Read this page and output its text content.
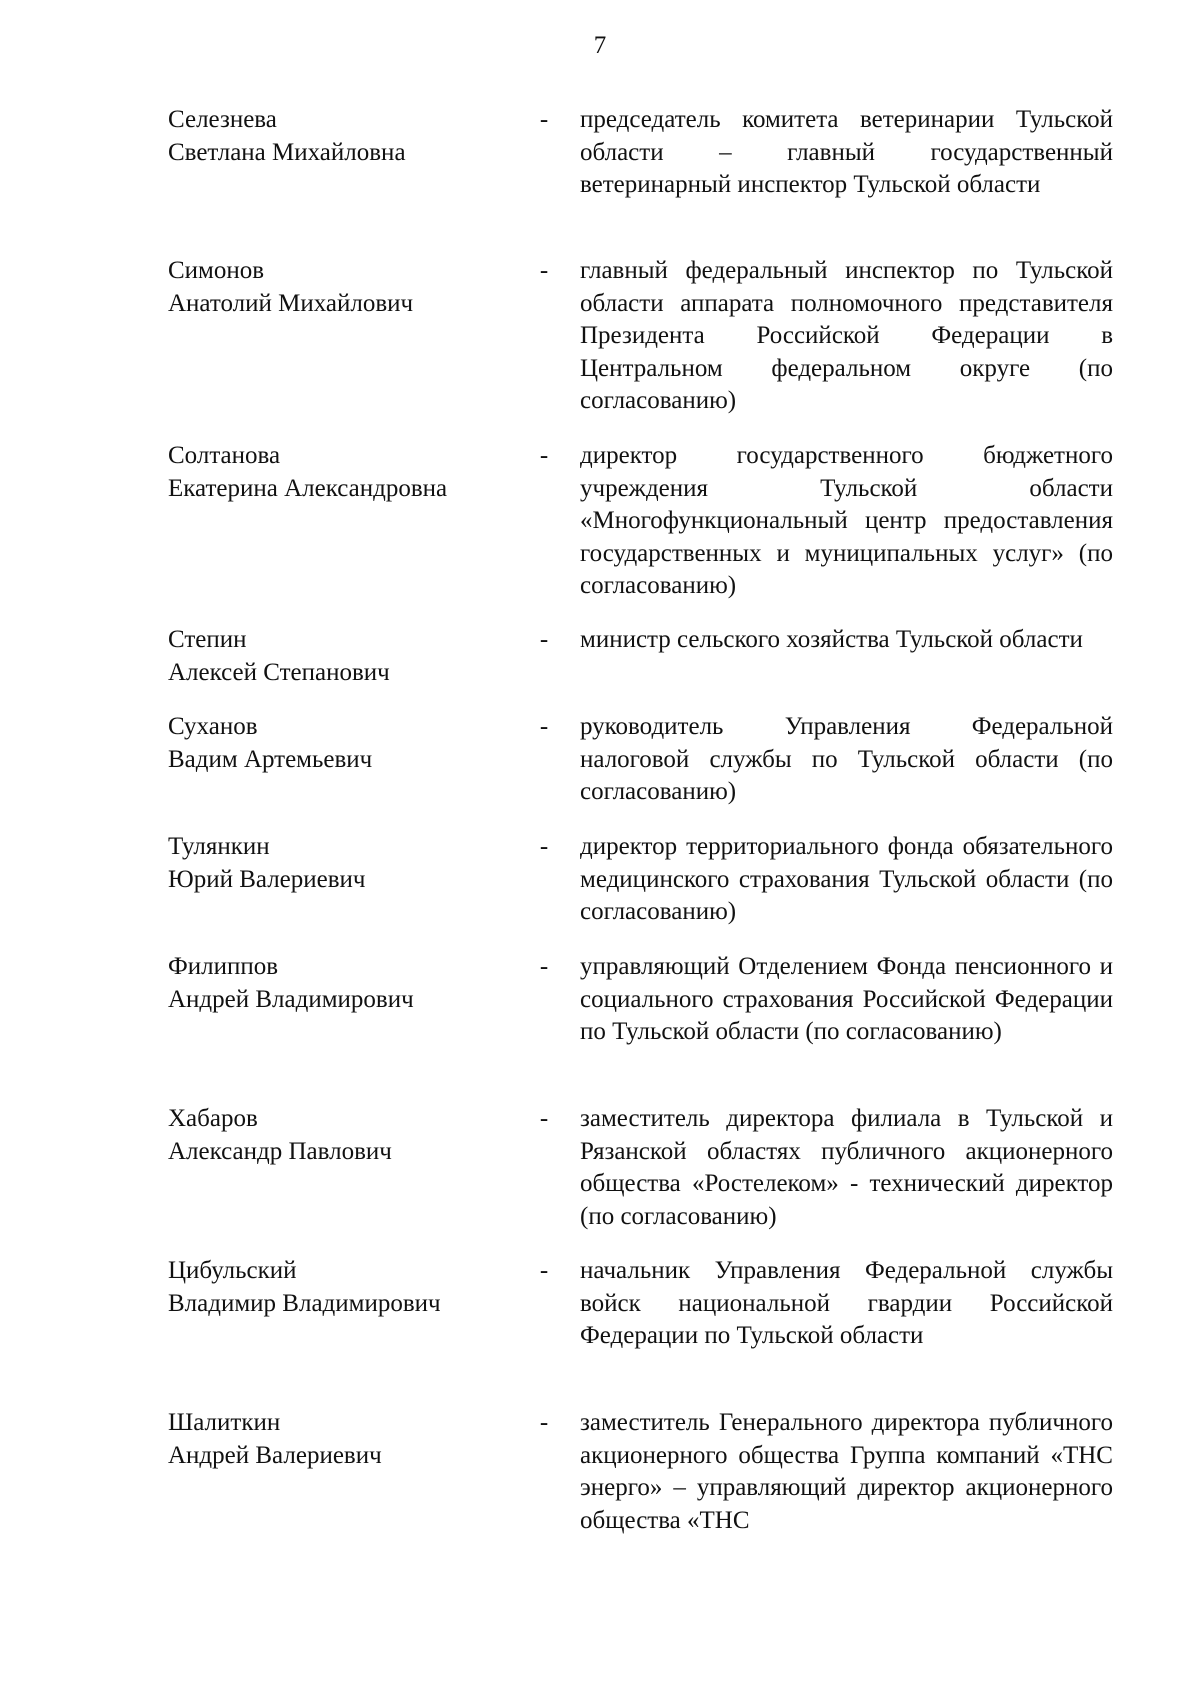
7
Селезнева
Светлана Михайловна
- председатель комитета ветеринарии Тульской области – главный государственный ветеринарный инспектор Тульской области
Симонов
Анатолий Михайлович
- главный федеральный инспектор по Тульской области аппарата полномочного представителя Президента Российской Федерации в Центральном федеральном округе (по согласованию)
Солтанова
Екатерина Александровна
- директор государственного бюджетного учреждения Тульской области «Многофункциональный центр предоставления государственных и муниципальных услуг» (по согласованию)
Степин
Алексей Степанович
- министр сельского хозяйства Тульской области
Суханов
Вадим Артемьевич
- руководитель Управления Федеральной налоговой службы по Тульской области (по согласованию)
Тулянкин
Юрий Валериевич
- директор территориального фонда обязательного медицинского страхования Тульской области (по согласованию)
Филиппов
Андрей Владимирович
- управляющий Отделением Фонда пенсионного и социального страхования Российской Федерации по Тульской области (по согласованию)
Хабаров
Александр Павлович
- заместитель директора филиала в Тульской и Рязанской областях публичного акционерного общества «Ростелеком» - технический директор (по согласованию)
Цибульский
Владимир Владимирович
- начальник Управления Федеральной службы войск национальной гвардии Российской Федерации по Тульской области
Шалиткин
Андрей Валериевич
- заместитель Генерального директора публичного акционерного общества Группа компаний «ТНС энерго» – управляющий директор акционерного общества «ТНС
